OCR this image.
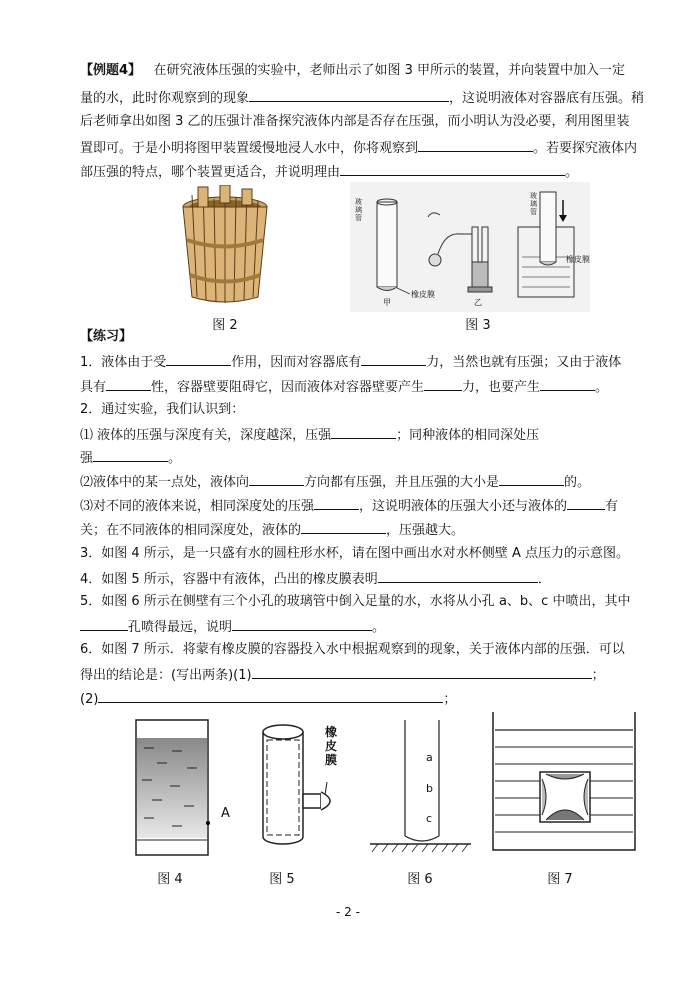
【例题4】 在研究液体压强的实验中，老师出示了如图 3 甲所示的装置，并向装置中加入一定
量的水，此时你观察到的现象	，这说明液体对容器底有压强。稍
后老师拿出如图 3 乙的压强计准备探究液体内部是否存在压强，而小明认为没必要，利用图里装
置即可。于是小明将图甲装置缓慢地浸人水中，你将观察到	。若要探究液体内
部压强的特点，哪个装置更适合，并说明理由	。
图 2
玻璃管
玻璃管
橡皮膜
橡皮膜
甲	乙
图 3
【练习】
1．液体由于受	作用，因而对容器底有	力，当然也就有压强；又由于液体
具有	性，容器壁要阻碍它，因而液体对容器壁要产生	力，也要产生	。
2．通过实验，我们认识到：
⑴ 液体的压强与深度有关，深度越深，压强	；同种液体的相同深处压
强	。
⑵液体中的某一点处，液体向	方向都有压强，并且压强的大小是	的。
⑶对不同的液体来说，相同深度处的压强	，这说明液体的压强大小还与液体的	有
关；在不同液体的相同深度处，液体的	，压强越大。
3．如图 4 所示，是一只盛有水的圆柱形水杯，请在图中画出水对水杯侧壁 A 点压力的示意图。
4．如图 5 所示，容器中有液体，凸出的橡皮膜表明	．
5．如图 6 所示在侧壁有三个小孔的玻璃管中倒入足量的水，水将从小孔 a、b、c 中喷出，其中
孔喷得最远，说明	。
6．如图 7 所示．将蒙有橡皮膜的容器投入水中根据观察到的现象，关于液体内部的压强．可以
得出的结论是：(写出两条)(1)	；
(2)	；
A
图 4
橡皮膜
图 5
a
b
c
图 6	图 7
- 2 -
